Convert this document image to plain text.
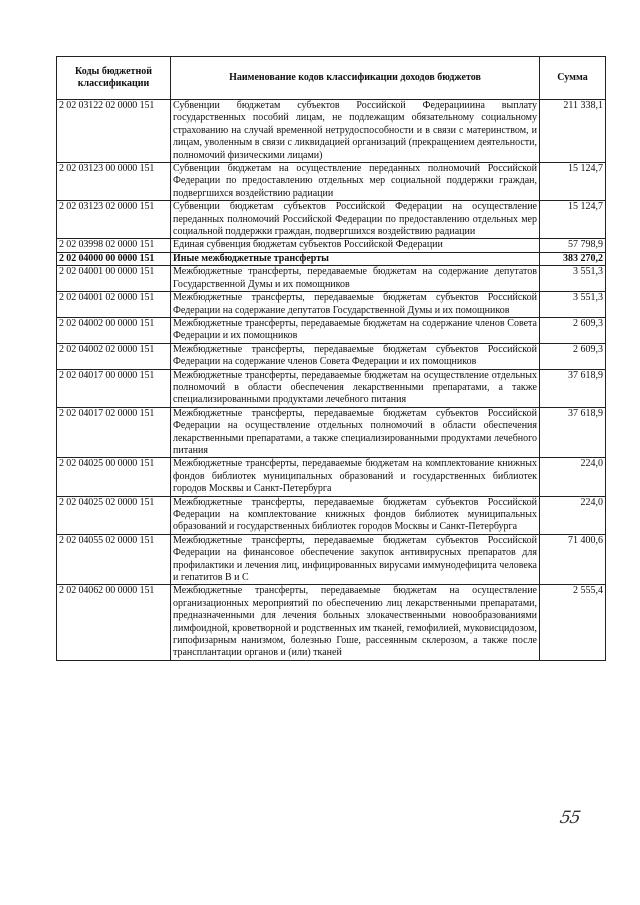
Коды бюджетной классификации	Наименование кодов классификации доходов бюджетов	Сумма
2 02 03122 02 0000 151	Субвенции бюджетам субъектов Российской Федерацииина выплату государственных пособий лицам, не подлежащим обязательному социальному страхованию на случай временной нетрудоспособности и в связи с материнством, и лицам, уволенным в связи с ликвидацией организаций (прекращением деятельности, полномочий физическими лицами)	211 338,1
2 02 03123 00 0000 151	Субвенции бюджетам на осуществление переданных полномочий Российской Федерации по предоставлению отдельных мер социальной поддержки граждан, подвергшихся воздействию радиации	15 124,7
2 02 03123 02 0000 151	Субвенции бюджетам субъектов Российской Федерации на осуществление переданных полномочий Российской Федерации по предоставлению отдельных мер социальной поддержки граждан, подвергшихся воздействию радиации	15 124,7
2 02 03998 02 0000 151	Единая субвенция бюджетам субъектов Российской Федерации	57 798,9
2 02 04000 00 0000 151	Иные межбюджетные трансферты	383 270,2
2 02 04001 00 0000 151	Межбюджетные трансферты, передаваемые бюджетам на содержание депутатов Государственной Думы и их помощников	3 551,3
2 02 04001 02 0000 151	Межбюджетные трансферты, передаваемые бюджетам субъектов Российской Федерации на содержание депутатов Государственной Думы и их помощников	3 551,3
2 02 04002 00 0000 151	Межбюджетные трансферты, передаваемые бюджетам на содержание членов Совета Федерации и их помощников	2 609,3
2 02 04002 02 0000 151	Межбюджетные трансферты, передаваемые бюджетам субъектов Российской Федерации на содержание членов Совета Федерации и их помощников	2 609,3
2 02 04017 00 0000 151	Межбюджетные трансферты, передаваемые бюджетам на осуществление отдельных полномочий в области обеспечения лекарственными препаратами, а также специализированными продуктами лечебного питания	37 618,9
2 02 04017 02 0000 151	Межбюджетные трансферты, передаваемые бюджетам субъектов Российской Федерации на осуществление отдельных полномочий в области обеспечения лекарственными препаратами, а также специализированными продуктами лечебного питания	37 618,9
2 02 04025 00 0000 151	Межбюджетные трансферты, передаваемые бюджетам на комплектование книжных фондов библиотек муниципальных образований и государственных библиотек городов Москвы и Санкт-Петербурга	224,0
2 02 04025 02 0000 151	Межбюджетные трансферты, передаваемые бюджетам субъектов Российской Федерации на комплектование книжных фондов библиотек муниципальных образований и государственных библиотек городов Москвы и Санкт-Петербурга	224,0
2 02 04055 02 0000 151	Межбюджетные трансферты, передаваемые бюджетам субъектов Российской Федерации на финансовое обеспечение закупок антивирусных препаратов для профилактики и лечения лиц, инфицированных вирусами иммунодефицита человека и гепатитов В и С	71 400,6
2 02 04062 00 0000 151	Межбюджетные трансферты, передаваемые бюджетам на осуществление организационных мероприятий по обеспечению лиц лекарственными препаратами, предназначенными для лечения больных злокачественными новообразованиями лимфоидной, кроветворной и родственных им тканей, гемофилией, муковисцидозом, гипофизарным нанизмом, болезнью Гоше, рассеянным склерозом, а также после трансплантации органов и (или) тканей	2 555,4
55
